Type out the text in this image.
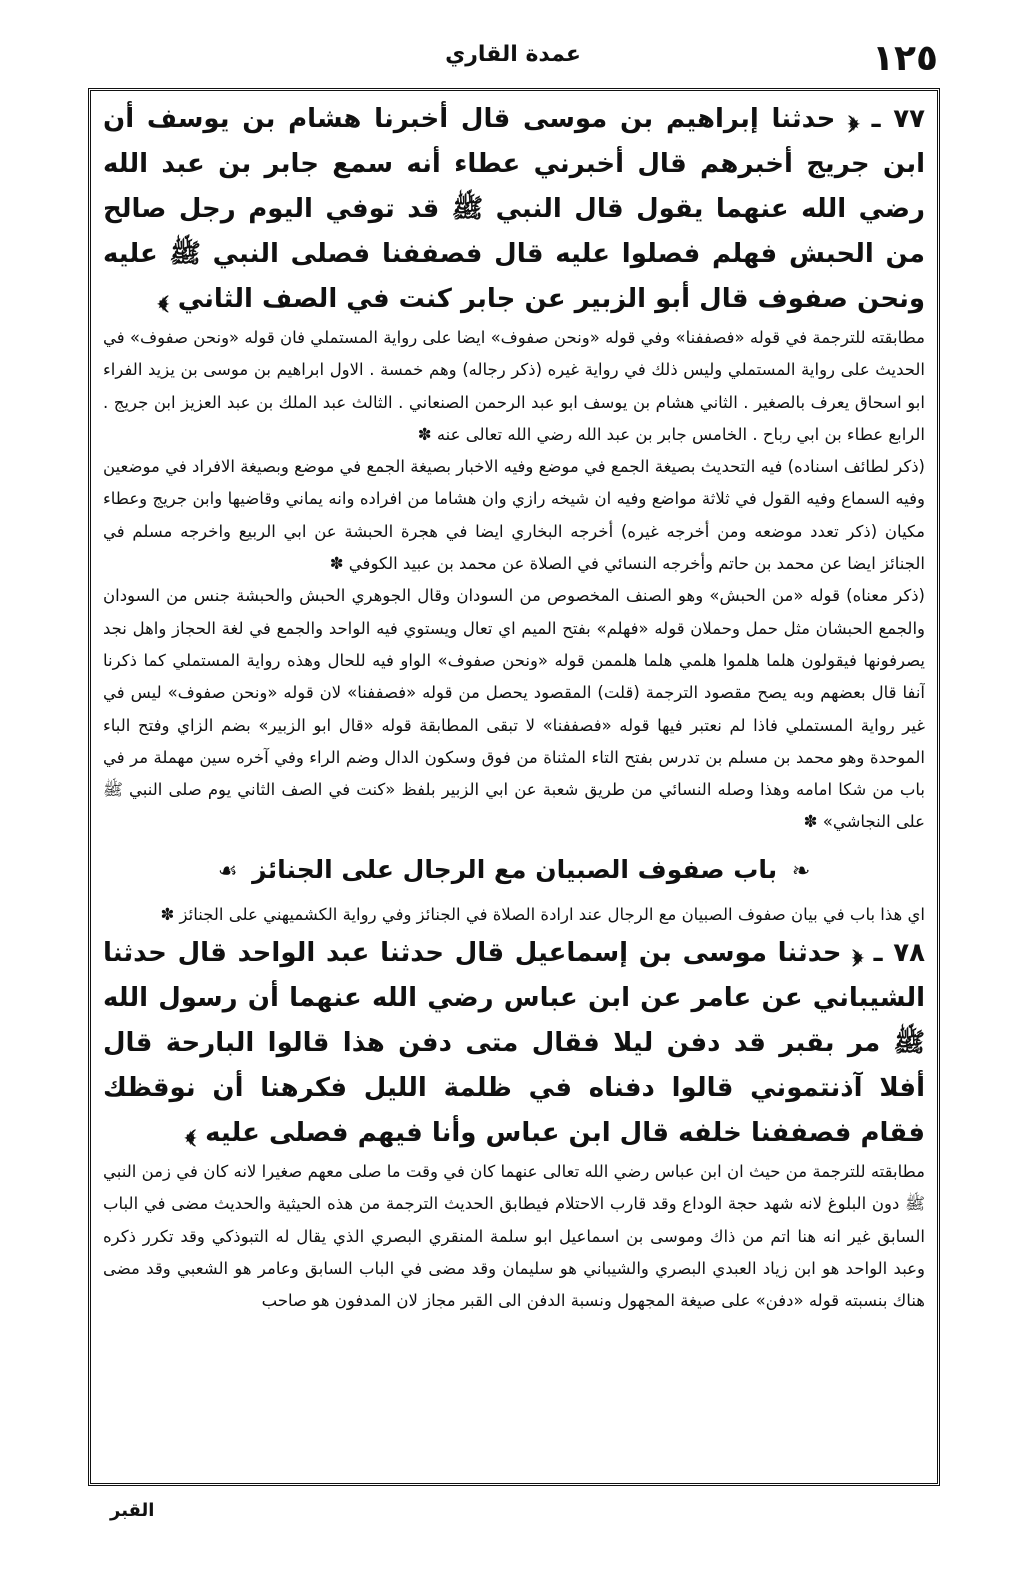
١٢٥
عمدة القاري

٧٧ ـ ﴿ حدثنا إبراهيم بن موسى قال أخبرنا هشام بن يوسف أن ابن جريج أخبرهم قال أخبرني عطاء أنه سمع جابر بن عبد الله رضي الله عنهما يقول قال النبي ﷺ قد توفي اليوم رجل صالح من الحبش فهلم فصلوا عليه قال فصففنا فصلى النبي ﷺ عليه ونحن صفوف قال أبو الزبير عن جابر كنت في الصف الثاني ﴾

مطابقته للترجمة في قوله «فصففنا» وفي قوله «ونحن صفوف» ايضا على رواية المستملي فان قوله «ونحن صفوف» في الحديث على رواية المستملي وليس ذلك في رواية غيره (ذكر رجاله) وهم خمسة . الاول ابراهيم بن موسى بن يزيد الفراء ابو اسحاق يعرف بالصغير . الثاني هشام بن يوسف ابو عبد الرحمن الصنعاني . الثالث عبد الملك بن عبد العزيز ابن جريج . الرابع عطاء بن ابي رباح . الخامس جابر بن عبد الله رضي الله تعالى عنه ✽

(ذكر لطائف اسناده) فيه التحديث بصيغة الجمع في موضع وفيه الاخبار بصيغة الجمع في موضع وبصيغة الافراد في موضعين وفيه السماع وفيه القول في ثلاثة مواضع وفيه ان شيخه رازي وان هشاما من افراده وانه يماني وقاضيها وابن جريج وعطاء مكيان (ذكر تعدد موضعه ومن أخرجه غيره) أخرجه البخاري ايضا في هجرة الحبشة عن ابي الربيع واخرجه مسلم في الجنائز ايضا عن محمد بن حاتم وأخرجه النسائي في الصلاة عن محمد بن عبيد الكوفي ✽

(ذكر معناه) قوله «من الحبش» وهو الصنف المخصوص من السودان وقال الجوهري الحبش والحبشة جنس من السودان والجمع الحبشان مثل حمل وحملان قوله «فهلم» بفتح الميم اي تعال ويستوي فيه الواحد والجمع في لغة الحجاز واهل نجد يصرفونها فيقولون هلما هلموا هلمي هلما هلممن قوله «ونحن صفوف» الواو فيه للحال وهذه رواية المستملي كما ذكرنا آنفا قال بعضهم وبه يصح مقصود الترجمة (قلت) المقصود يحصل من قوله «فصففنا» لان قوله «ونحن صفوف» ليس في غير رواية المستملي فاذا لم نعتبر فيها قوله «فصففنا» لا تبقى المطابقة قوله «قال ابو الزبير» بضم الزاي وفتح الباء الموحدة وهو محمد بن مسلم بن تدرس بفتح التاء المثناة من فوق وسكون الدال وضم الراء وفي آخره سين مهملة مر في باب من شكا امامه وهذا وصله النسائي من طريق شعبة عن ابي الزبير بلفظ «كنت في الصف الثاني يوم صلى النبي ﷺ على النجاشي» ✽

❧ باب صفوف الصبيان مع الرجال على الجنائز ☙

اي هذا باب في بيان صفوف الصبيان مع الرجال عند ارادة الصلاة في الجنائز وفي رواية الكشميهني على الجنائز ✽

٧٨ ـ ﴿ حدثنا موسى بن إسماعيل قال حدثنا عبد الواحد قال حدثنا الشيباني عن عامر عن ابن عباس رضي الله عنهما أن رسول الله ﷺ مر بقبر قد دفن ليلا فقال متى دفن هذا قالوا البارحة قال أفلا آذنتموني قالوا دفناه في ظلمة الليل فكرهنا أن نوقظك فقام فصففنا خلفه قال ابن عباس وأنا فيهم فصلى عليه ﴾

مطابقته للترجمة من حيث ان ابن عباس رضي الله تعالى عنهما كان في وقت ما صلى معهم صغيرا لانه كان في زمن النبي ﷺ دون البلوغ لانه شهد حجة الوداع وقد قارب الاحتلام فيطابق الحديث الترجمة من هذه الحيثية والحديث مضى في الباب السابق غير انه هنا اتم من ذاك وموسى بن اسماعيل ابو سلمة المنقري البصري الذي يقال له التبوذكي وقد تكرر ذكره وعبد الواحد هو ابن زياد العبدي البصري والشيباني هو سليمان وقد مضى في الباب السابق وعامر هو الشعبي وقد مضى هناك بنسبته قوله «دفن» على صيغة المجهول ونسبة الدفن الى القبر مجاز لان المدفون هو صاحب

القبر
